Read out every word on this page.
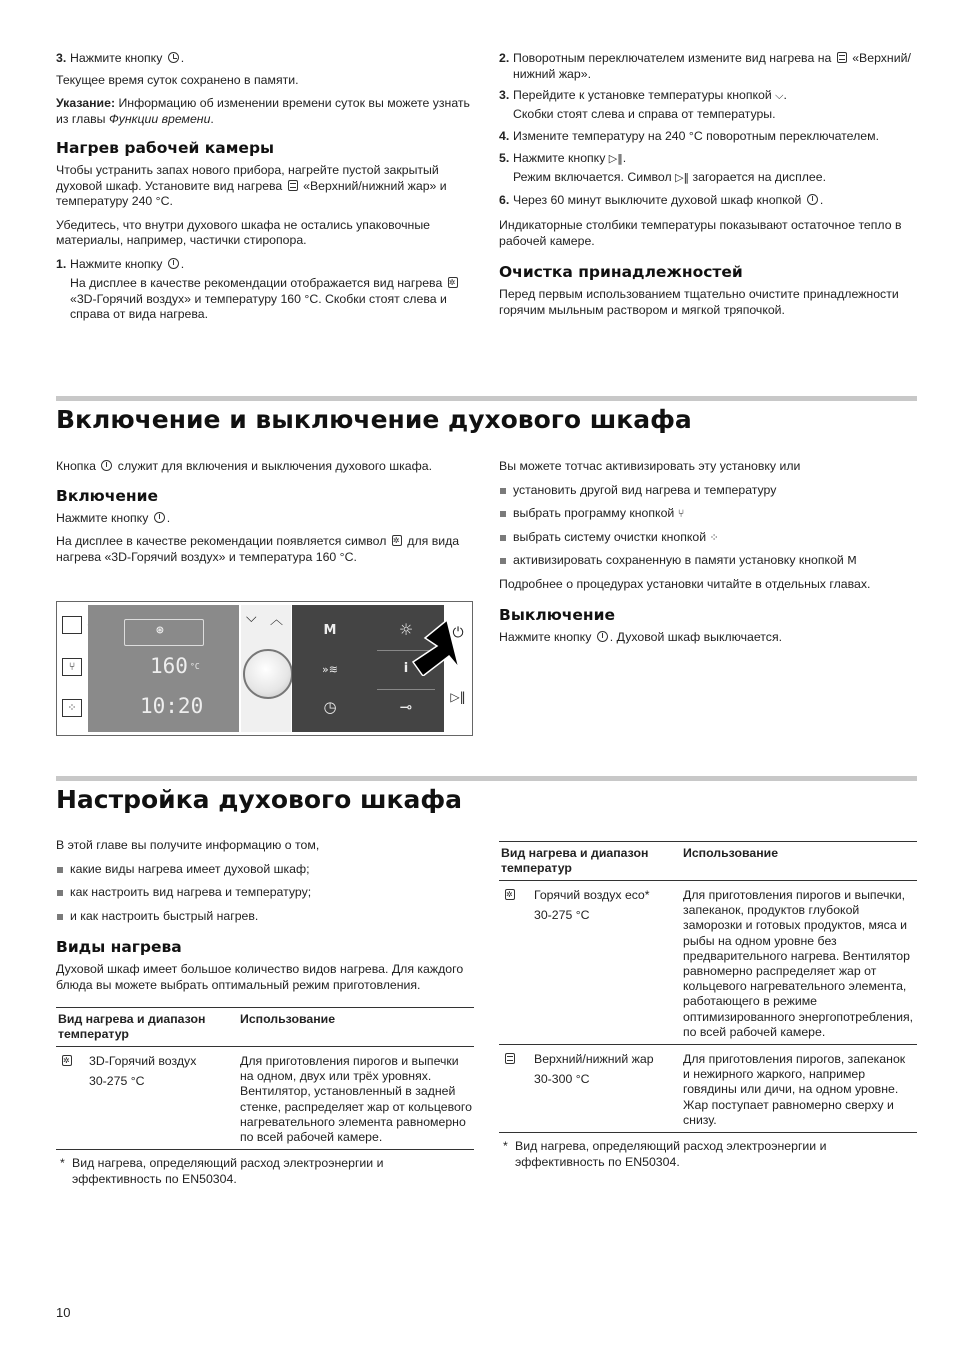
3. Нажмите кнопку .

Текущее время суток сохранено в памяти.

Указание: Информацию об изменении времени суток вы можете узнать из главы Функции времени.

Нагрев рабочей камеры

Чтобы устранить запах нового прибора, нагрейте пустой закрытый духовой шкаф. Установите вид нагрева «Верхний/нижний жар» и температуру 240 °C.

Убедитесь, что внутри духового шкафа не остались упаковочные материалы, например, частички стиропора.

1. Нажмите кнопку .
На дисплее в качестве рекомендации отображается вид нагрева ✲ «3D-Горячий воздух» и температуру 160 °C. Скобки стоят слева и справа от вида нагрева.
2. Поворотным переключателем измените вид нагрева на «Верхний/нижний жар».
3. Перейдите к установке температуры кнопкой ⌵.
Скобки стоят слева и справа от температуры.
4. Измените температуру на 240 °C поворотным переключателем.
5. Нажмите кнопку ▷‖.
Режим включается. Символ ▷‖ загорается на дисплее.
6. Через 60 минут выключите духовой шкаф кнопкой .

Индикаторные столбики температуры показывают остаточное тепло в рабочей камере.

Очистка принадлежностей

Перед первым использованием тщательно очистите принадлежности горячим мыльным раствором и мягкой тряпочкой.

Включение и выключение духового шкафа

Кнопка служит для включения и выключения духового шкафа.

Включение

Нажмите кнопку .

На дисплее в качестве рекомендации появляется символ ✲ для вида нагрева «3D-Горячий воздух» и температура 160 °C.

⑂
⁘
⊛
160 °C
10:20
⌵ ︿
M	☼
»≋	i
◷	⊸
⏻
▷‖

Вы можете тотчас активизировать эту установку или

установить другой вид нагрева и температуру
выбрать программу кнопкой ⑂
выбрать систему очистки кнопкой ⁘
активизировать сохраненную в памяти установку кнопкой M

Подробнее о процедурах установки читайте в отдельных главах.

Выключение

Нажмите кнопку . Духовой шкаф выключается.

Настройка духового шкафа

В этой главе вы получите информацию о том,

какие виды нагрева имеет духовой шкаф;
как настроить вид нагрева и температуру;
и как настроить быстрый нагрев.
Виды нагрева

Духовой шкаф имеет большое количество видов нагрева. Для каждого блюда вы можете выбрать оптимальный режим приготовления.

Вид нагрева и диапазон температур	Использование

✲
3D-Горячий воздух
30-275 °C	Для приготовления пирогов и выпечки на одном, двух или трёх уровнях. Вентилятор, установленный в задней стенке, распределяет жар от кольцевого нагревательного элемента равномерно по всей рабочей камере.
* Вид нагрева, определяющий расход электроэнергии и эффективность по EN50304.
Вид нагрева и диапазон температур	Использование

✲
Горячий воздух eco*
30-275 °C	Для приготовления пирогов и выпечки, запеканок, продуктов глубокой заморозки и готовых продуктов, мяса и рыбы на одном уровне без предварительного нагрева. Вентилятор равномерно распределяет жар от кольцевого нагревательного элемента, работающего в режиме оптимизированного энергопотребления, по всей рабочей камере.

Верхний/нижний жар
30-300 °C	Для приготовления пирогов, запеканок и нежирного жаркого, например говядины или дичи, на одном уровне. Жар поступает равномерно сверху и снизу.
* Вид нагрева, определяющий расход электроэнергии и эффективность по EN50304.
10
